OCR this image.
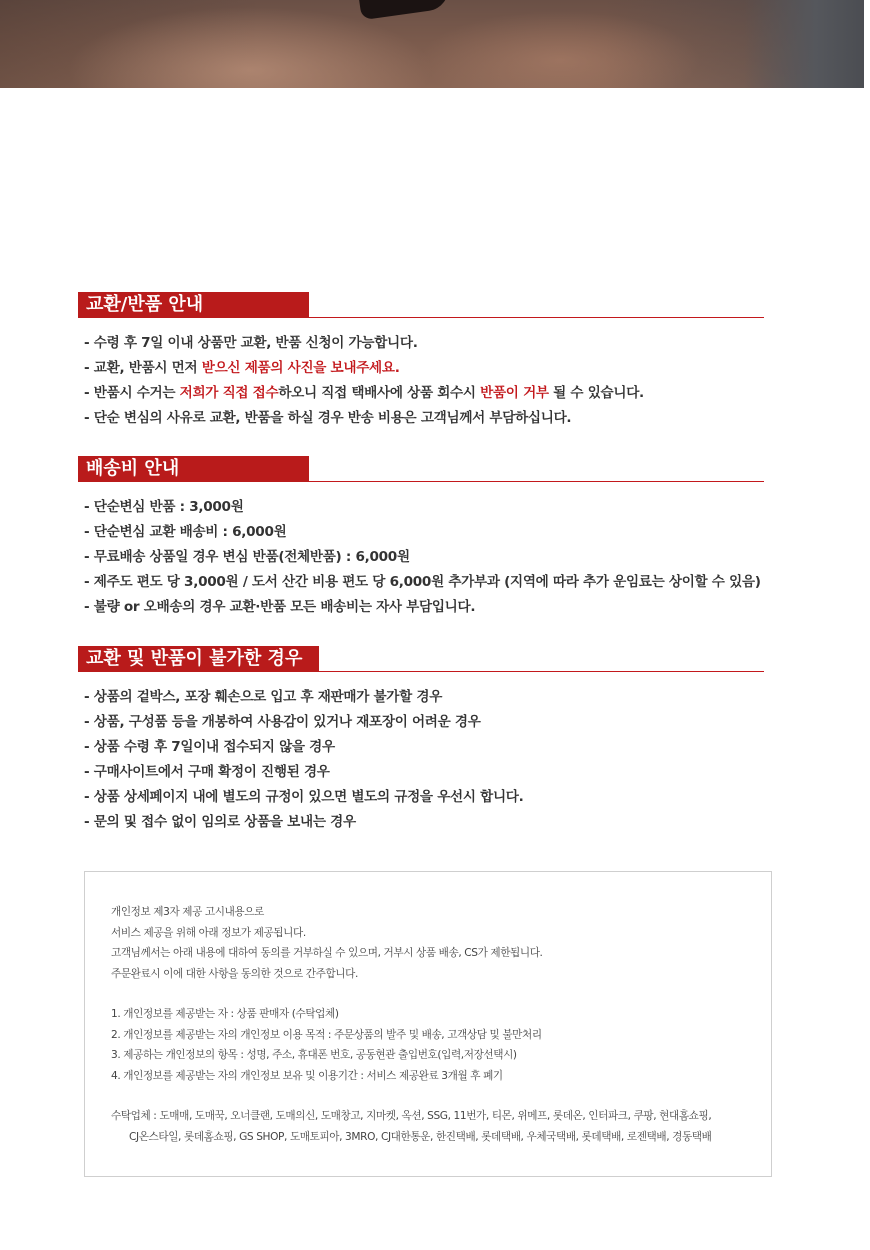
교환/반품 안내
- 수령 후 7일 이내 상품만 교환, 반품 신청이 가능합니다.
- 교환, 반품시 먼저 받으신 제품의 사진을 보내주세요.
- 반품시 수거는 저희가 직접 접수하오니 직접 택배사에 상품 회수시 반품이 거부 될 수 있습니다.
- 단순 변심의 사유로 교환, 반품을 하실 경우 반송 비용은 고객님께서 부담하십니다.
배송비 안내
- 단순변심 반품 : 3,000원
- 단순변심 교환 배송비 : 6,000원
- 무료배송 상품일 경우 변심 반품(전체반품) : 6,000원
- 제주도 편도 당 3,000원 / 도서 산간 비용 편도 당 6,000원 추가부과 (지역에 따라 추가 운임료는 상이할 수 있음)
- 불량 or 오배송의 경우 교환·반품 모든 배송비는 자사 부담입니다.
교환 및 반품이 불가한 경우
- 상품의 겉박스, 포장 훼손으로 입고 후 재판매가 불가할 경우
- 상품, 구성품 등을 개봉하여 사용감이 있거나 재포장이 어려운 경우
- 상품 수령 후 7일이내 접수되지 않을 경우
- 구매사이트에서 구매 확정이 진행된 경우
- 상품 상세페이지 내에 별도의 규정이 있으면 별도의 규정을 우선시 합니다.
- 문의 및 접수 없이 임의로 상품을 보내는 경우

개인정보 제3자 제공 고시내용으로

서비스 제공을 위해 아래 정보가 제공됩니다.

고객님께서는 아래 내용에 대하여 동의를 거부하실 수 있으며, 거부시 상품 배송, CS가 제한됩니다.

주문완료시 이에 대한 사항을 동의한 것으로 간주합니다.

1. 개인정보를 제공받는 자 : 상품 판매자 (수탁업체)

2. 개인정보를 제공받는 자의 개인정보 이용 목적 : 주문상품의 발주 및 배송, 고객상담 및 불만처리

3. 제공하는 개인정보의 항목 : 성명, 주소, 휴대폰 번호, 공동현관 출입번호(입력,저장선택시)

4. 개인정보를 제공받는 자의 개인정보 보유 및 이용기간 : 서비스 제공완료 3개월 후 폐기

수탁업체 : 도매매, 도매꾹, 오너클랜, 도매의신, 도매창고, 지마켓, 옥션, SSG, 11번가, 티몬, 위메프, 롯데온, 인터파크, 쿠팡, 현대홈쇼핑,

CJ온스타일, 롯데홈쇼핑, GS SHOP, 도매토피아, 3MRO, CJ대한통운, 한진택배, 롯데택배, 우체국택배, 롯데택배, 로젠택배, 경동택배
